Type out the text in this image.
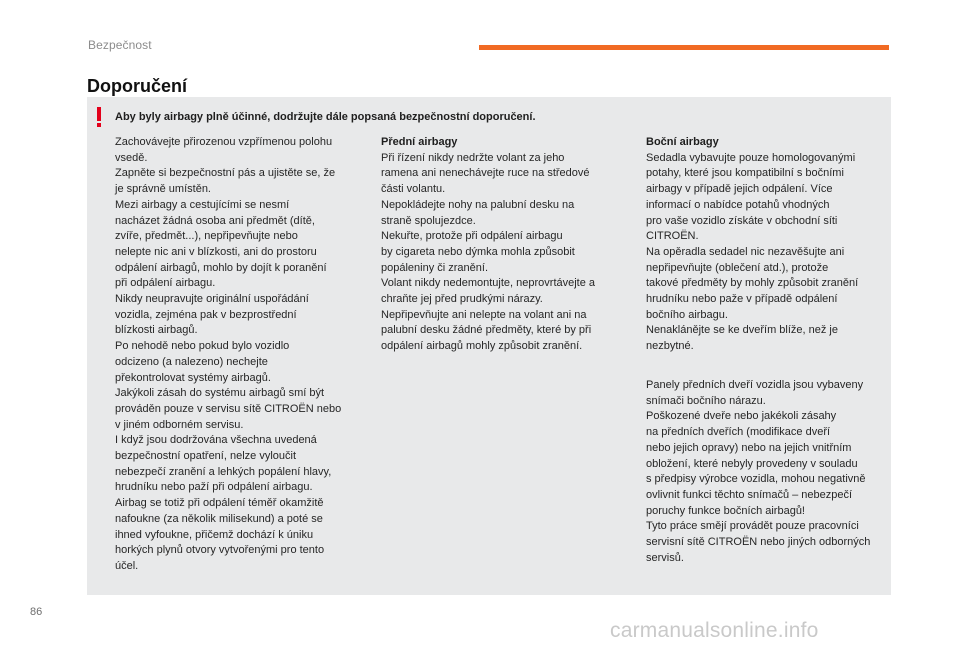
Bezpečnost
Doporučení
Aby byly airbagy plně účinné, dodržujte dále popsaná bezpečnostní doporučení.
Zachovávejte přirozenou vzpřímenou polohu
vsedě.
Zapněte si bezpečnostní pás a ujistěte se, že
je správně umístěn.
Mezi airbagy a cestujícími se nesmí
nacházet žádná osoba ani předmět (dítě,
zvíře, předmět...), nepřipevňujte nebo
nelepte nic ani v blízkosti, ani do prostoru
odpálení airbagů, mohlo by dojít k poranění
při odpálení airbagu.
Nikdy neupravujte originální uspořádání
vozidla, zejména pak v bezprostřední
blízkosti airbagů.
Po nehodě nebo pokud bylo vozidlo
odcizeno (a nalezeno) nechejte
překontrolovat systémy airbagů.
Jakýkoli zásah do systému airbagů smí být
prováděn pouze v servisu sítě CITROËN nebo
v jiném odborném servisu.
I když jsou dodržována všechna uvedená
bezpečnostní opatření, nelze vyloučit
nebezpečí zranění a lehkých popálení hlavy,
hrudníku nebo paží při odpálení airbagu.
Airbag se totiž při odpálení téměř okamžitě
nafoukne (za několik milisekund) a poté se
ihned vyfoukne, přičemž dochází k úniku
horkých plynů otvory vytvořenými pro tento
účel.
Přední airbagy
Při řízení nikdy nedržte volant za jeho
ramena ani nenechávejte ruce na středové
části volantu.
Nepokládejte nohy na palubní desku na
straně spolujezdce.
Nekuřte, protože při odpálení airbagu
by cigareta nebo dýmka mohla způsobit
popáleniny či zranění.
Volant nikdy nedemontujte, neprovrtávejte a
chraňte jej před prudkými nárazy.
Nepřipevňujte ani nelepte na volant ani na
palubní desku žádné předměty, které by při
odpálení airbagů mohly způsobit zranění.
Boční airbagy
Sedadla vybavujte pouze homologovanými
potahy, které jsou kompatibilní s bočními
airbagy v případě jejich odpálení. Více
informací o nabídce potahů vhodných
pro vaše vozidlo získáte v obchodní síti
CITROËN.
Na opěradla sedadel nic nezavěšujte ani
nepřipevňujte (oblečení atd.), protože
takové předměty by mohly způsobit zranění
hrudníku nebo paže v případě odpálení
bočního airbagu.
Nenaklánějte se ke dveřím blíže, než je
nezbytné.
Panely předních dveří vozidla jsou vybaveny
snímači bočního nárazu.
Poškozené dveře nebo jakékoli zásahy
na předních dveřích (modifikace dveří
nebo jejich opravy) nebo na jejich vnitřním
obložení, které nebyly provedeny v souladu
s předpisy výrobce vozidla, mohou negativně
ovlivnit funkci těchto snímačů – nebezpečí
poruchy funkce bočních airbagů!
Tyto práce smějí provádět pouze pracovníci
servisní sítě CITROËN nebo jiných odborných
servisů.
86
carmanualsonline.info
